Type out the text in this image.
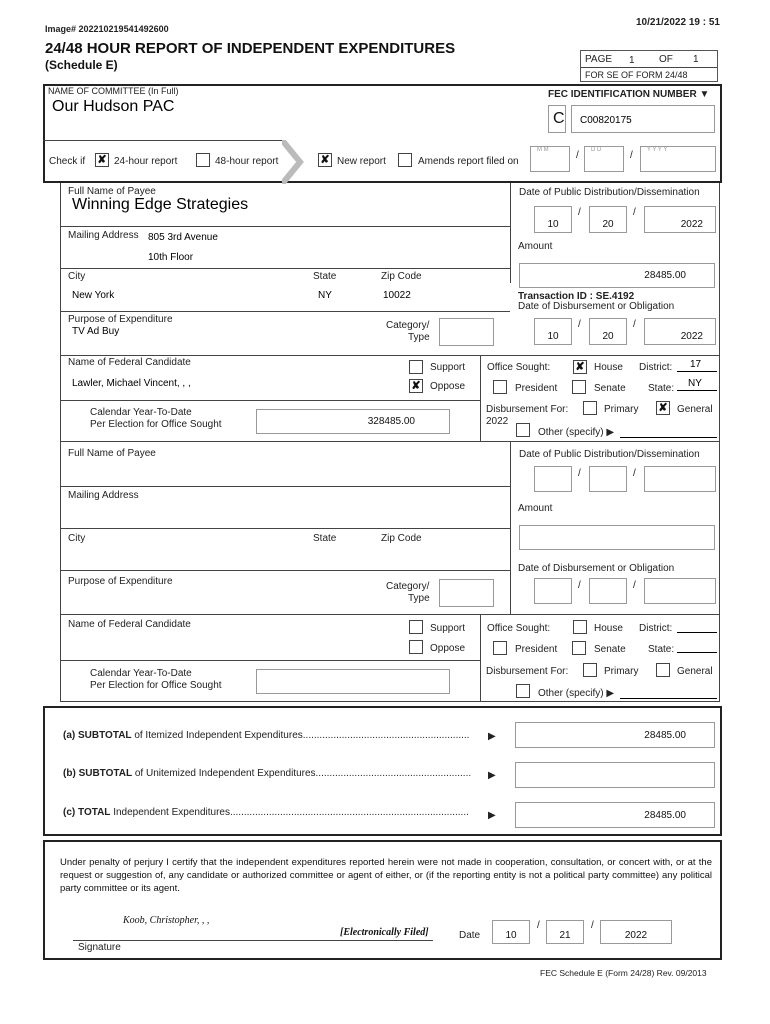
Image# 202210219541492600
10/21/2022 19 : 51
24/48 HOUR REPORT OF INDEPENDENT EXPENDITURES
(Schedule E)	PAGE 1 OF 1
FOR SE OF FORM 24/48
NAME OF COMMITTEE (In Full)
Our Hudson PAC
FEC IDENTIFICATION NUMBER ▼
C C00820175
Check if ✘ 24-hour report	48-hour report	✘ New report	Amends report filed on
M M	/ D D	/ Y Y Y Y
Full Name of Payee
Winning Edge Strategies
Mailing Address 805 3rd Avenue
10th Floor
City	State	Zip Code
New York	NY	10022
Purpose of Expenditure
TV Ad Buy
Category/
Type
Name of Federal Candidate
Lawler, Michael Vincent, , ,
Support
✘ Oppose
Office Sought: ✘ House District: 17
President	Senate State: NY
Calendar Year-To-Date
Per Election for Office Sought	328485.00
Disbursement For:
2022
Primary ✘ General
Other (specify) ▶
Date of Public Distribution/Dissemination
10
/
20
/
2022
Amount
28485.00
Transaction ID : SE.4192
Date of Disbursement or Obligation
10
/
20
/
2022
Full Name of Payee
Mailing Address
City	State	Zip Code
Purpose of Expenditure	Category/
Type
Name of Federal Candidate	Support
Oppose
Office Sought:	House District:
President	Senate State:
Calendar Year-To-Date
Per Election for Office Sought
Disbursement For:	Primary	General
Other (specify) ▶
Date of Public Distribution/Dissemination
/	/
Amount
Date of Disbursement or Obligation
/	/
(a) SUBTOTAL of Itemized Independent Expenditures............................................................ ▶	28485.00
(b) SUBTOTAL of Unitemized Independent Expenditures........................................................ ▶
(c) TOTAL Independent Expenditures...................................................................................... ▶	28485.00
Under penalty of perjury I certify that the independent expenditures reported herein were not made in cooperation, consultation, or concert with, or at the request or suggestion of, any candidate or authorized committee or agent of either, or (if the reporting entity is not a political party committee) any political party committee or its agent.
Koob, Christopher, , ,
[Electronically Filed]
Signature
Date	10
/
21
/
2022
FEC Schedule E (Form 24/28) Rev. 09/2013
